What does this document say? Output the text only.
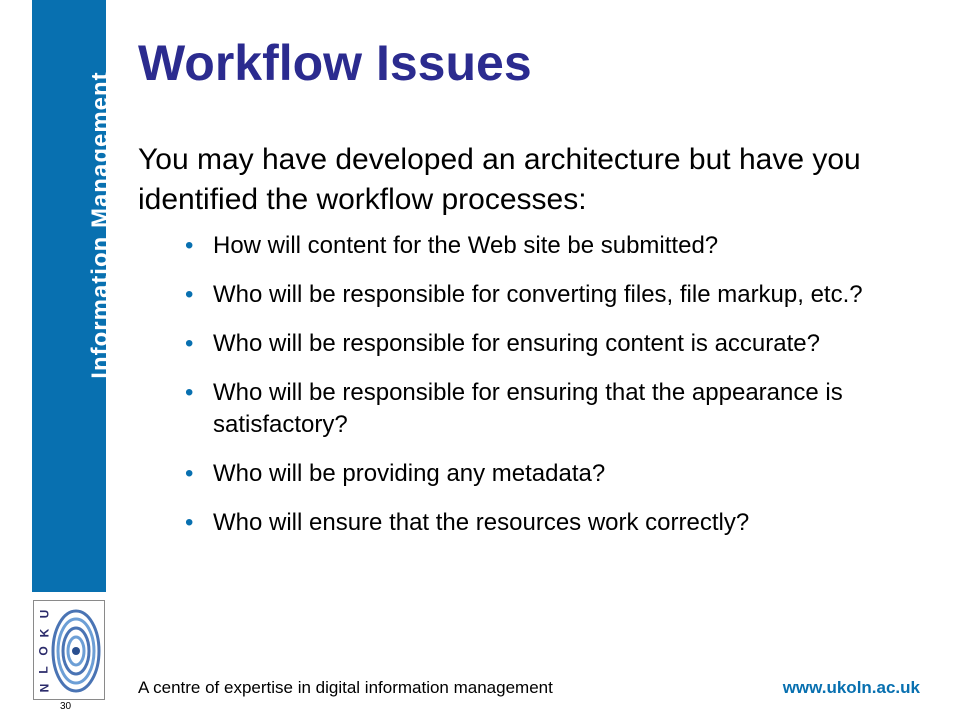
Information Management
U
K
O
L
N
30
Workflow Issues

You may have developed an architecture but have you identified the workflow processes:

• How will content for the Web site be submitted?
• Who will be responsible for converting files, file markup, etc.?
• Who will be responsible for ensuring content is accurate?
• Who will be responsible for ensuring that the appearance is satisfactory?
• Who will be providing any metadata?
• Who will ensure that the resources work correctly?
A centre of expertise in digital information management	www.ukoln.ac.uk
